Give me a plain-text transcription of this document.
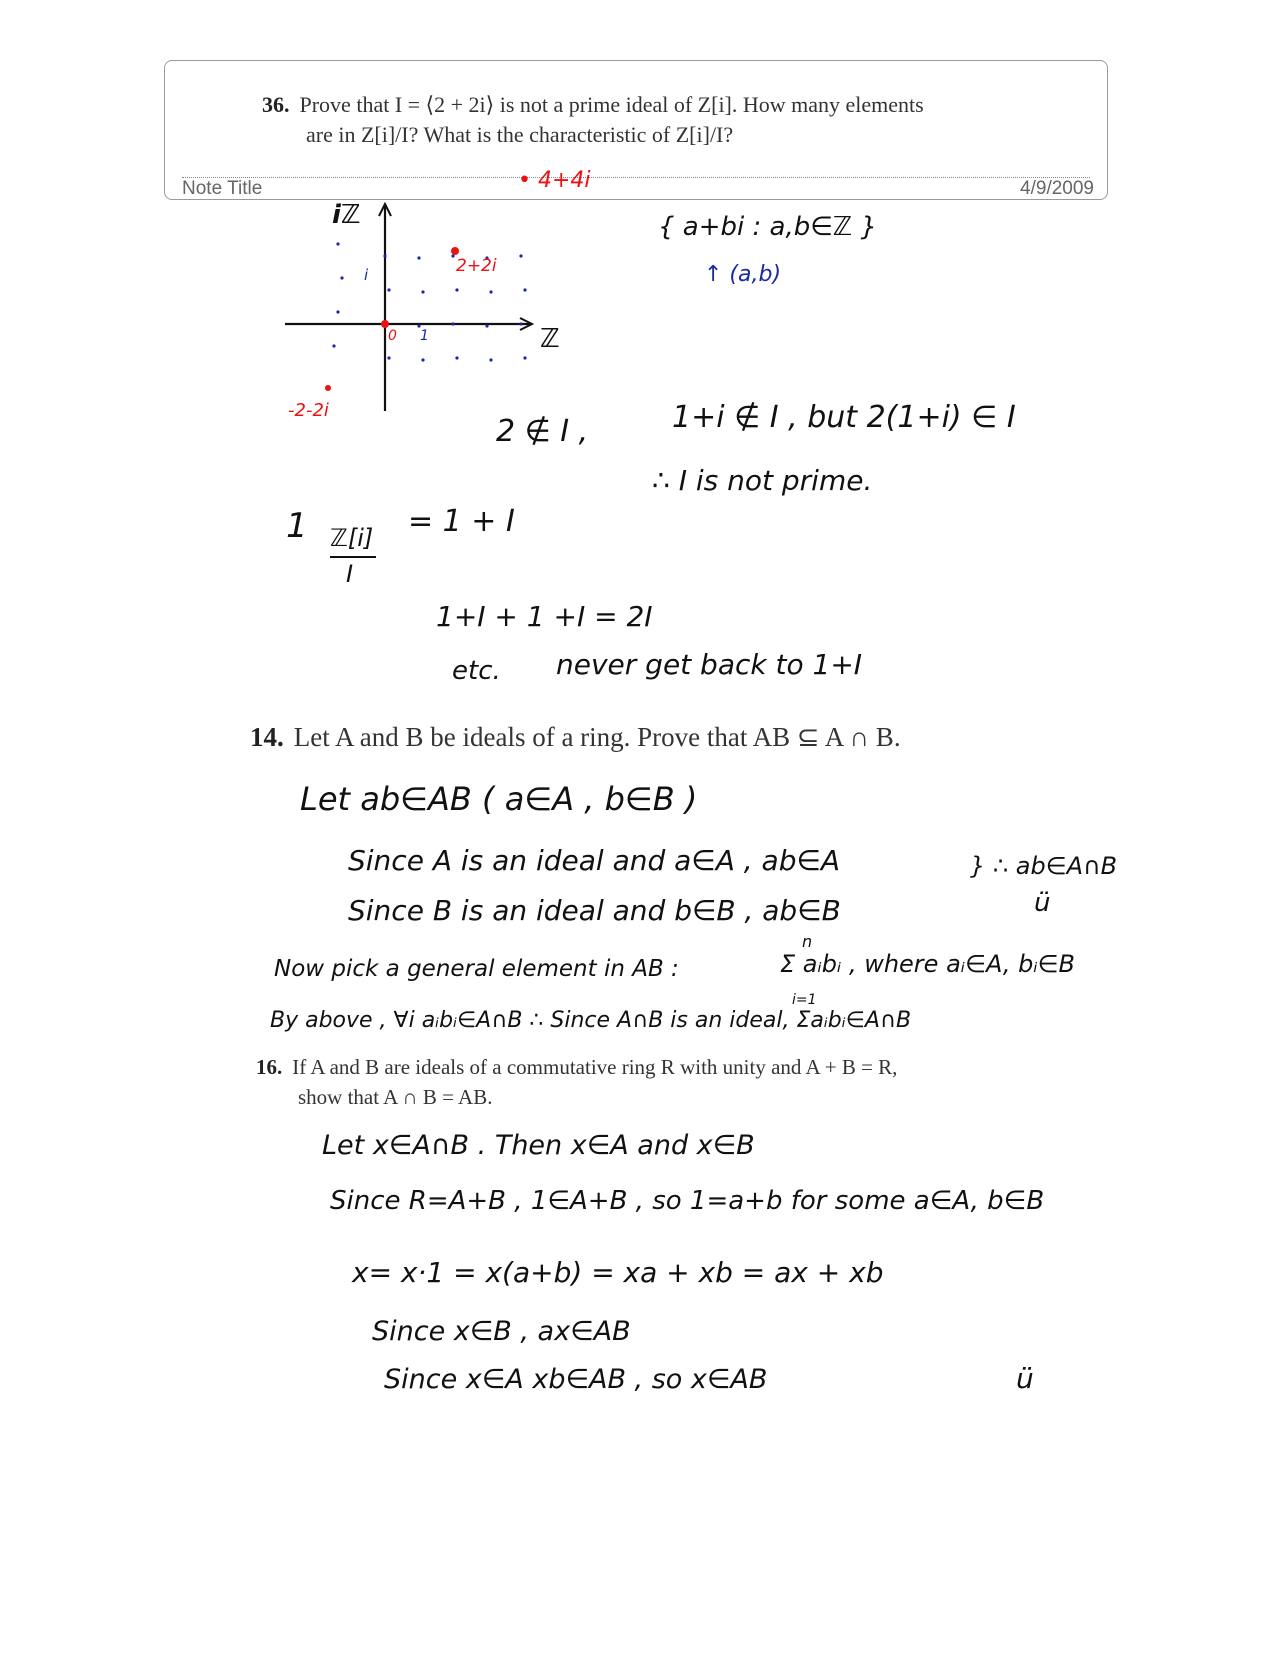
36. Prove that I = ⟨2 + 2i⟩ is not a prime ideal of Z[i]. How many elements
are in Z[i]/I? What is the characteristic of Z[i]/I?
Note Title	4/9/2009
• 4+4i
iℤ
ℤ
0 1
i	2+2i
-2-2i
{ a+bi : a,b∈ℤ }
↑ (a,b)
2 ∉ I ,	1+i ∉ I , but 2(1+i) ∈ I
∴ I is not prime.
1 ℤ[i]
I
= 1 + I
1+I + 1 +I = 2I
etc. never get back to 1+I
14. Let A and B be ideals of a ring. Prove that AB ⊆ A ∩ B.
Let ab∈AB ( a∈A , b∈B )
Since A is an ideal and a∈A , ab∈A
Since B is an ideal and b∈B , ab∈B
} ∴ ab∈A∩B
ü
Now pick a general element in AB :
n
Σ aᵢbᵢ , where aᵢ∈A, bᵢ∈B
i=1
By above , ∀i aᵢbᵢ∈A∩B ∴ Since A∩B is an ideal, Σaᵢbᵢ∈A∩B
16. If A and B are ideals of a commutative ring R with unity and A + B = R,
show that A ∩ B = AB.
Let x∈A∩B . Then x∈A and x∈B
Since R=A+B , 1∈A+B , so 1=a+b for some a∈A, b∈B
x= x·1 = x(a+b) = xa + xb = ax + xb
Since x∈B , ax∈AB
Since x∈A xb∈AB , so x∈AB	ü
